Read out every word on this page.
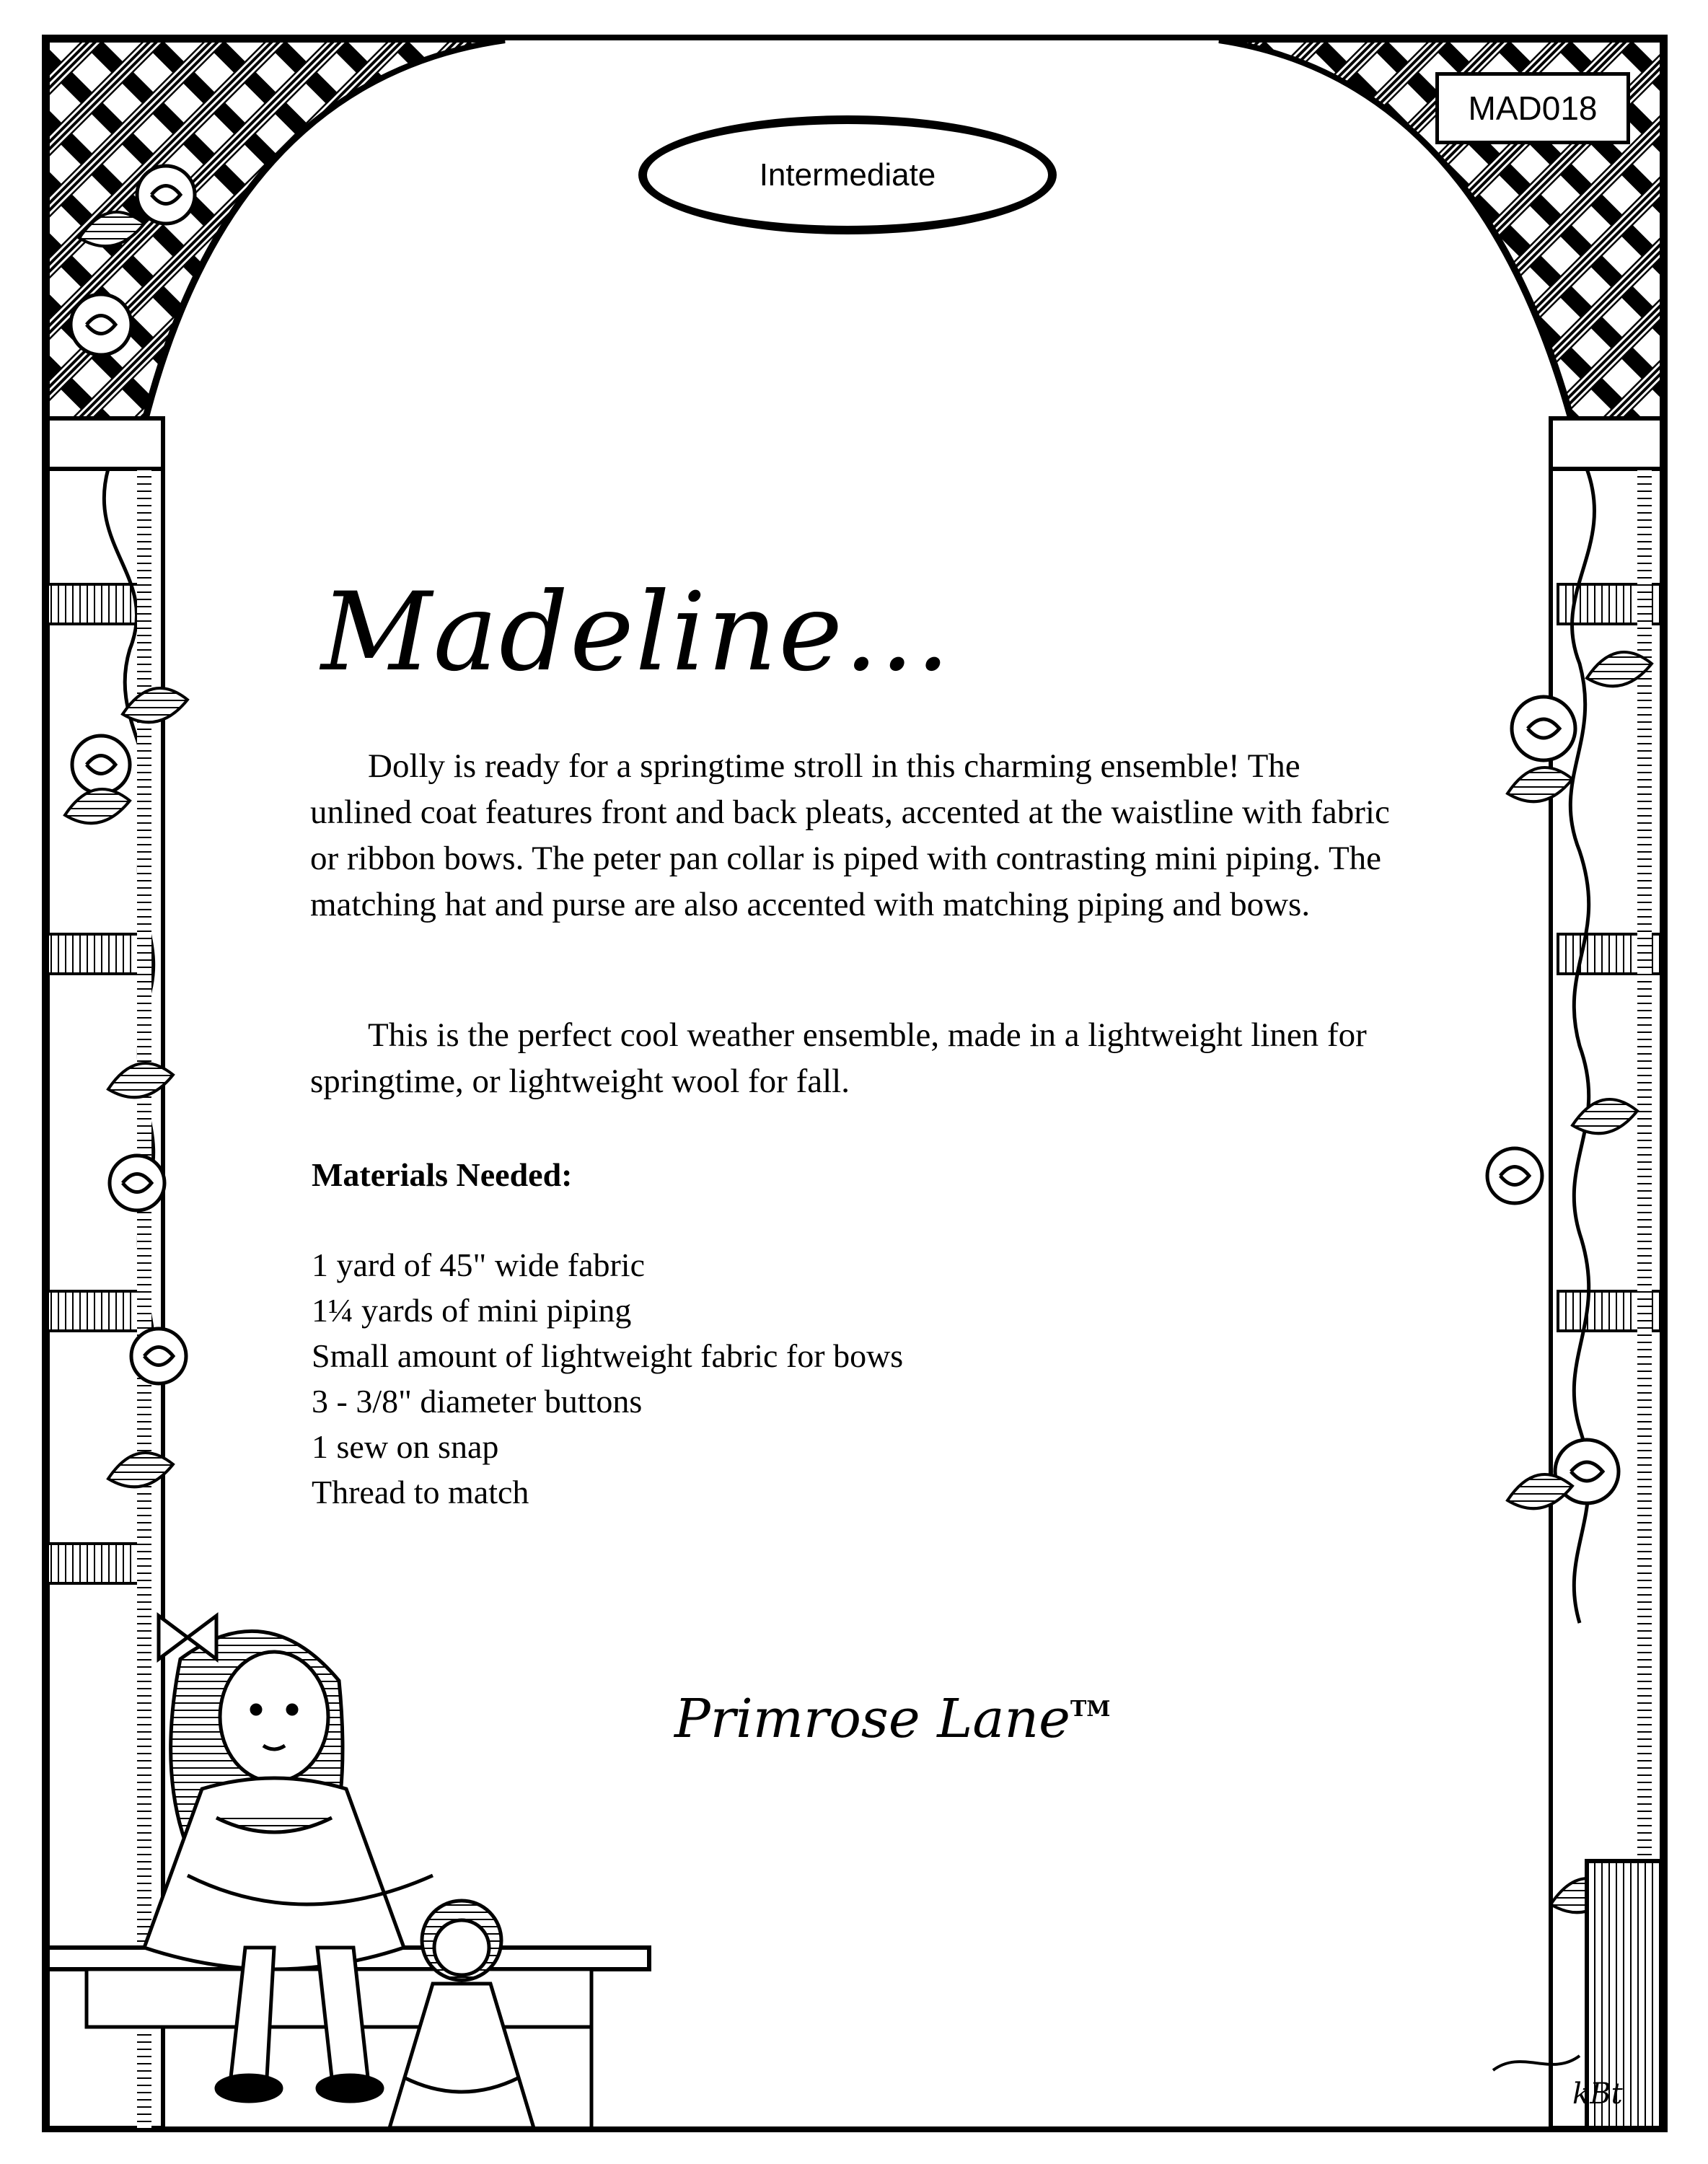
MAD018
Intermediate
Madeline...

Dolly is ready for a springtime stroll in this charming ensemble! The unlined coat features front and back pleats, accented at the waistline with fabric or ribbon bows. The peter pan collar is piped with contrasting mini piping. The matching hat and purse are also accented with matching piping and bows.

This is the perfect cool weather ensemble, made in a lightweight linen for springtime, or lightweight wool for fall.

Materials Needed:
1 yard of 45" wide fabric
1¼ yards of mini piping
Small amount of lightweight fabric for bows
3 - 3/8" diameter buttons
1 sew on snap
Thread to match
Primrose Lane™
kBt
